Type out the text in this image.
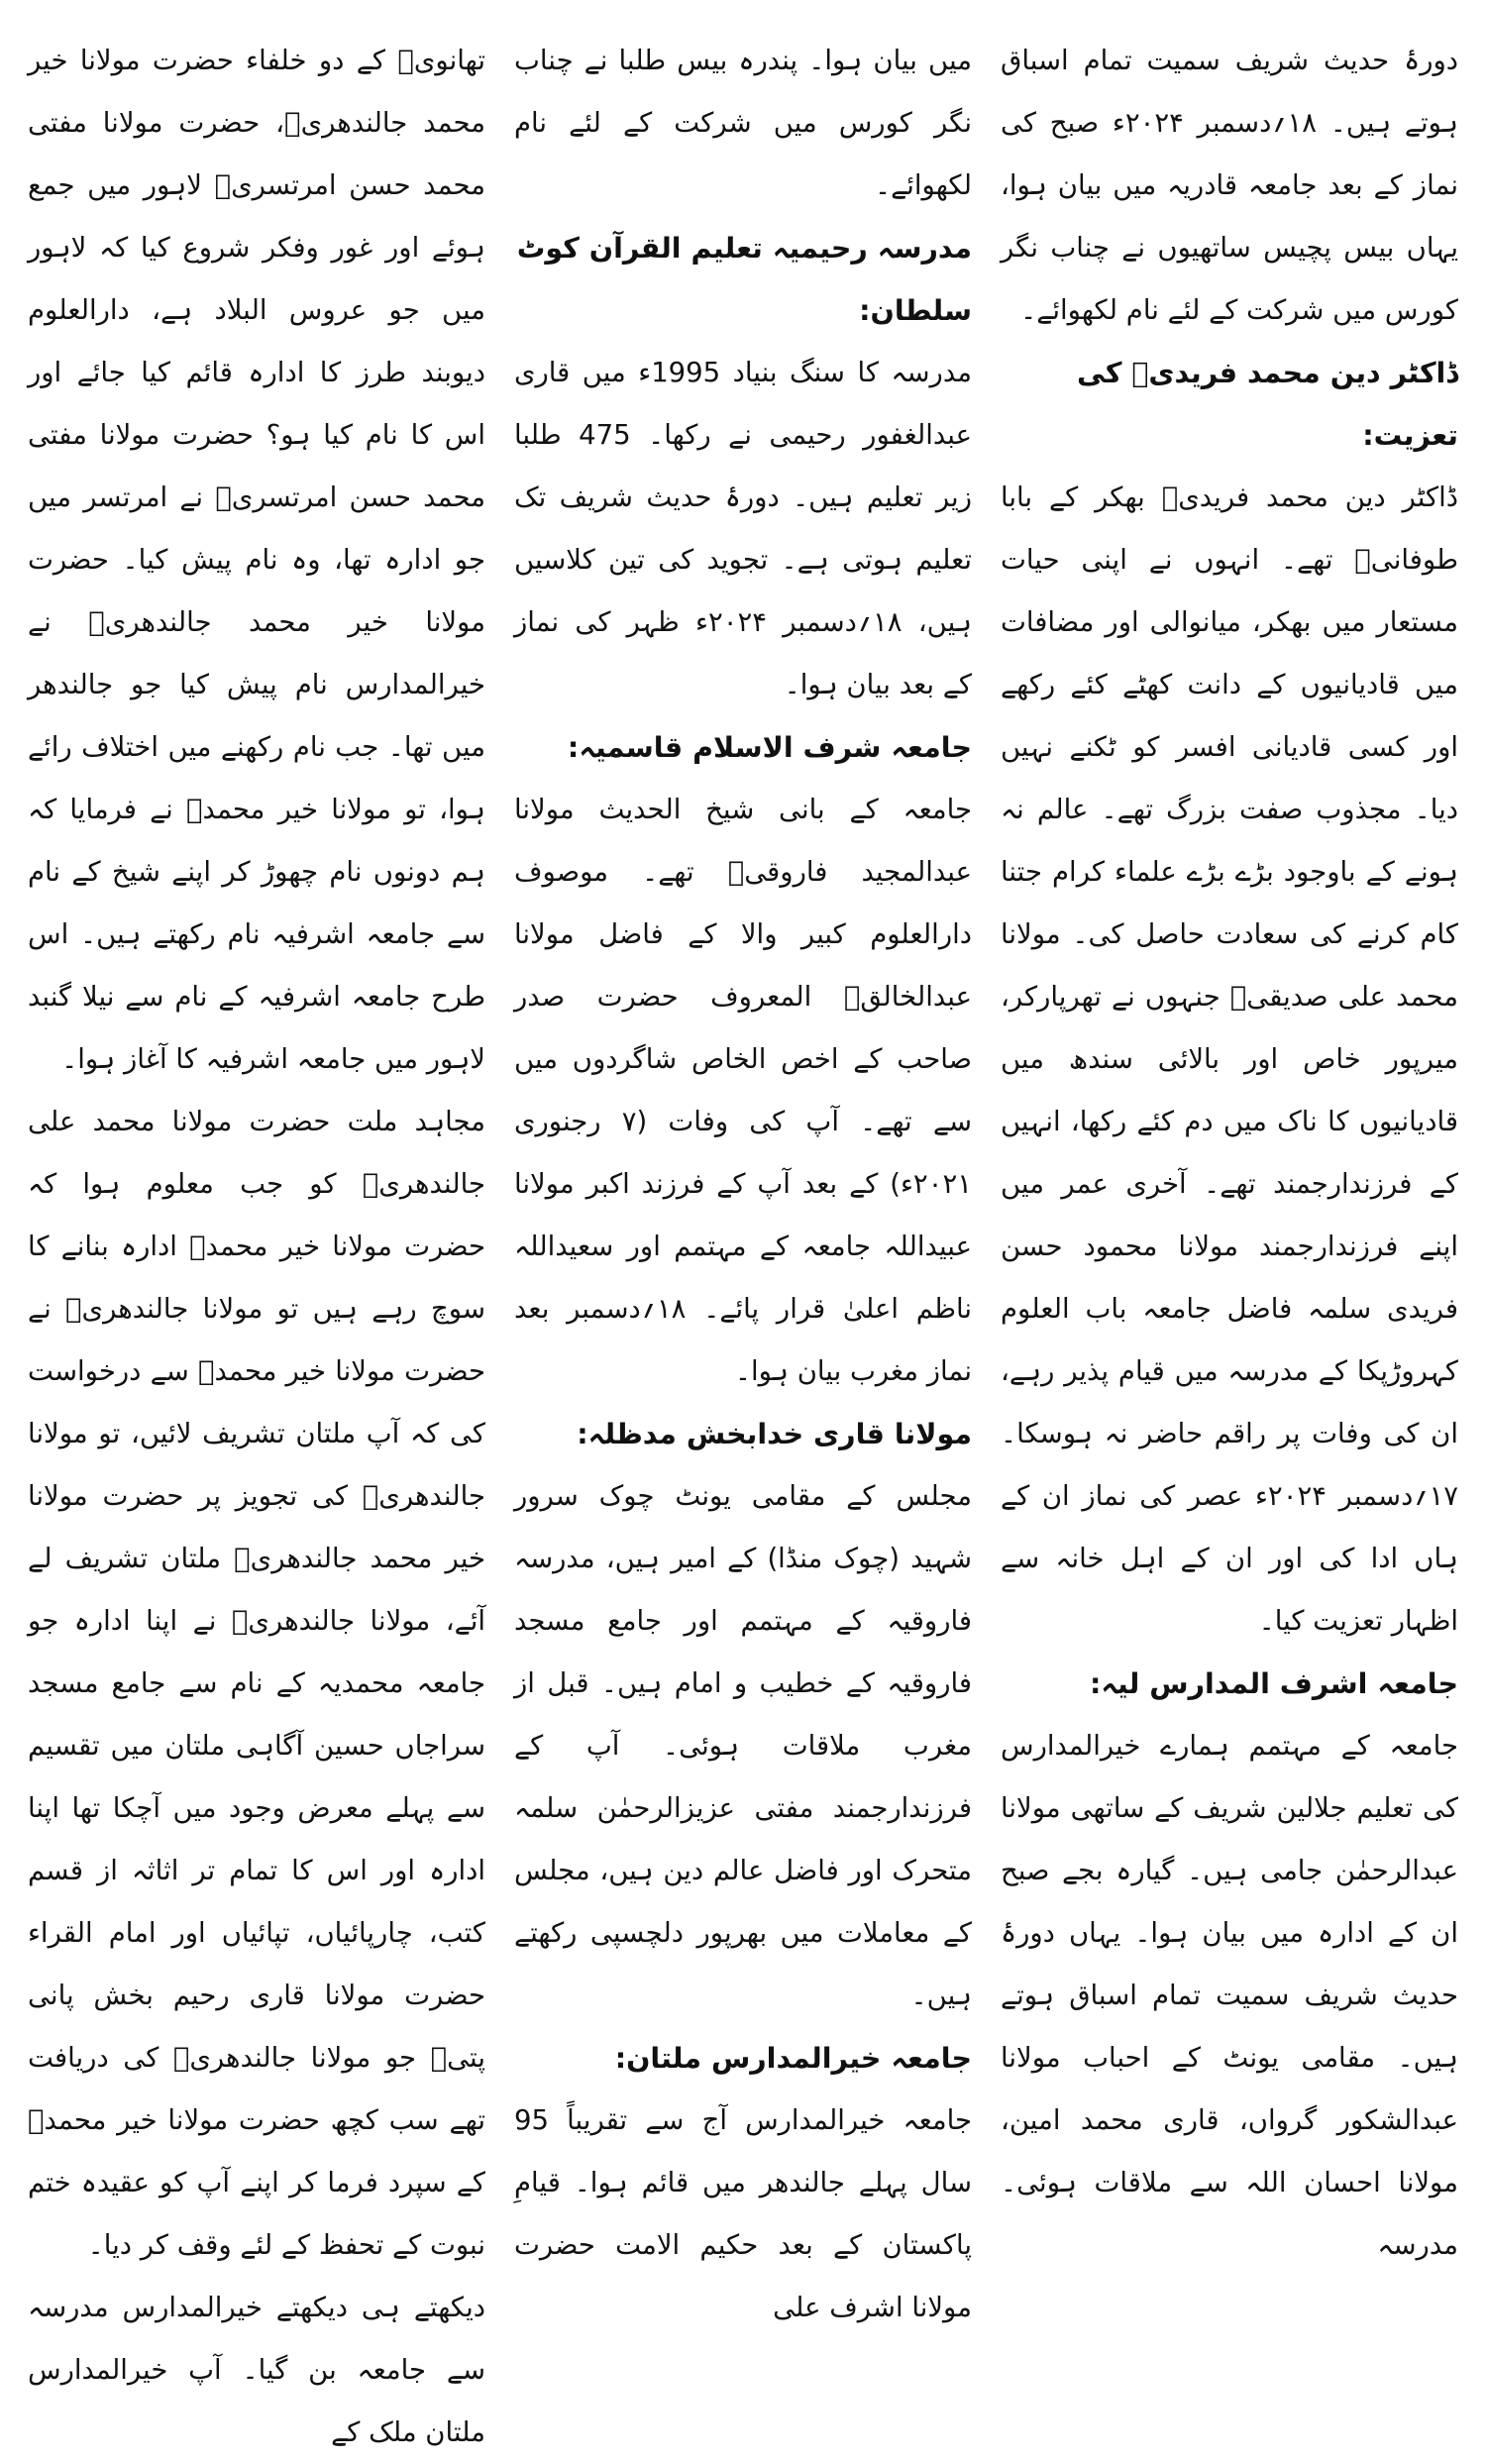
دورۂ حدیث شریف سمیت تمام اسباق ہوتے ہیں۔ ۱۸؍دسمبر ۲۰۲۴ء صبح کی نماز کے بعد جامعہ قادریہ میں بیان ہوا، یہاں بیس پچیس ساتھیوں نے چناب نگر کورس میں شرکت کے لئے نام لکھوائے۔

ڈاکٹر دین محمد فریدیؒ کی تعزیت:

ڈاکٹر دین محمد فریدیؒ بھکر کے بابا طوفانیؒ تھے۔ انہوں نے اپنی حیات مستعار میں بھکر، میانوالی اور مضافات میں قادیانیوں کے دانت کھٹے کئے رکھے اور کسی قادیانی افسر کو ٹکنے نہیں دیا۔ مجذوب صفت بزرگ تھے۔ عالم نہ ہونے کے باوجود بڑے بڑے علماء کرام جتنا کام کرنے کی سعادت حاصل کی۔ مولانا محمد علی صدیقیؒ جنہوں نے تھرپارکر، میرپور خاص اور بالائی سندھ میں قادیانیوں کا ناک میں دم کئے رکھا، انہیں کے فرزندارجمند تھے۔ آخری عمر میں اپنے فرزندارجمند مولانا محمود حسن فریدی سلمہ فاضل جامعہ باب العلوم کہروڑپکا کے مدرسہ میں قیام پذیر رہے، ان کی وفات پر راقم حاضر نہ ہوسکا۔ ۱۷؍دسمبر ۲۰۲۴ء عصر کی نماز ان کے ہاں ادا کی اور ان کے اہل خانہ سے اظہار تعزیت کیا۔

جامعہ اشرف المدارس لیہ:

جامعہ کے مہتمم ہمارے خیرالمدارس کی تعلیم جلالین شریف کے ساتھی مولانا عبدالرحمٰن جامی ہیں۔ گیارہ بجے صبح ان کے ادارہ میں بیان ہوا۔ یہاں دورۂ حدیث شریف سمیت تمام اسباق ہوتے ہیں۔ مقامی یونٹ کے احباب مولانا عبدالشکور گرواں، قاری محمد امین، مولانا احسان اللہ سے ملاقات ہوئی۔ مدرسہ

میں بیان ہوا۔ پندرہ بیس طلبا نے چناب نگر کورس میں شرکت کے لئے نام لکھوائے۔

مدرسہ رحیمیہ تعلیم القرآن کوٹ سلطان:

مدرسہ کا سنگ بنیاد 1995ء میں قاری عبدالغفور رحیمی نے رکھا۔ 475 طلبا زیر تعلیم ہیں۔ دورۂ حدیث شریف تک تعلیم ہوتی ہے۔ تجوید کی تین کلاسیں ہیں، ۱۸؍دسمبر ۲۰۲۴ء ظہر کی نماز کے بعد بیان ہوا۔

جامعہ شرف الاسلام قاسمیہ:

جامعہ کے بانی شیخ الحدیث مولانا عبدالمجید فاروقیؒ تھے۔ موصوف دارالعلوم کبیر والا کے فاضل مولانا عبدالخالقؒ المعروف حضرت صدر صاحب کے اخص الخاص شاگردوں میں سے تھے۔ آپ کی وفات (۷ رجنوری ۲۰۲۱ء) کے بعد آپ کے فرزند اکبر مولانا عبیداللہ جامعہ کے مہتمم اور سعیداللہ ناظم اعلیٰ قرار پائے۔ ۱۸؍دسمبر بعد نماز مغرب بیان ہوا۔

مولانا قاری خدابخش مدظلہ:

مجلس کے مقامی یونٹ چوک سرور شہید (چوک منڈا) کے امیر ہیں، مدرسہ فاروقیہ کے مہتمم اور جامع مسجد فاروقیہ کے خطیب و امام ہیں۔ قبل از مغرب ملاقات ہوئی۔ آپ کے فرزندارجمند مفتی عزیزالرحمٰن سلمہ متحرک اور فاضل عالم دین ہیں، مجلس کے معاملات میں بھرپور دلچسپی رکھتے ہیں۔

جامعہ خیرالمدارس ملتان:

جامعہ خیرالمدارس آج سے تقریباً 95 سال پہلے جالندھر میں قائم ہوا۔ قیامِ پاکستان کے بعد حکیم الامت حضرت مولانا اشرف علی

تھانویؒ کے دو خلفاء حضرت مولانا خیر محمد جالندھریؒ، حضرت مولانا مفتی محمد حسن امرتسریؒ لاہور میں جمع ہوئے اور غور وفکر شروع کیا کہ لاہور میں جو عروس البلاد ہے، دارالعلوم دیوبند طرز کا ادارہ قائم کیا جائے اور اس کا نام کیا ہو؟ حضرت مولانا مفتی محمد حسن امرتسریؒ نے امرتسر میں جو ادارہ تھا، وہ نام پیش کیا۔ حضرت مولانا خیر محمد جالندھریؒ نے خیرالمدارس نام پیش کیا جو جالندھر میں تھا۔ جب نام رکھنے میں اختلاف رائے ہوا، تو مولانا خیر محمدؒ نے فرمایا کہ ہم دونوں نام چھوڑ کر اپنے شیخ کے نام سے جامعہ اشرفیہ نام رکھتے ہیں۔ اس طرح جامعہ اشرفیہ کے نام سے نیلا گنبد لاہور میں جامعہ اشرفیہ کا آغاز ہوا۔

مجاہد ملت حضرت مولانا محمد علی جالندھریؒ کو جب معلوم ہوا کہ حضرت مولانا خیر محمدؒ ادارہ بنانے کا سوچ رہے ہیں تو مولانا جالندھریؒ نے حضرت مولانا خیر محمدؒ سے درخواست کی کہ آپ ملتان تشریف لائیں، تو مولانا جالندھریؒ کی تجویز پر حضرت مولانا خیر محمد جالندھریؒ ملتان تشریف لے آئے، مولانا جالندھریؒ نے اپنا ادارہ جو جامعہ محمدیہ کے نام سے جامع مسجد سراجاں حسین آگاہی ملتان میں تقسیم سے پہلے معرض وجود میں آچکا تھا اپنا ادارہ اور اس کا تمام تر اثاثہ از قسم کتب، چارپائیاں، تپائیاں اور امام القراء حضرت مولانا قاری رحیم بخش پانی پتیؒ جو مولانا جالندھریؒ کی دریافت تھے سب کچھ حضرت مولانا خیر محمدؒ کے سپرد فرما کر اپنے آپ کو عقیدہ ختم نبوت کے تحفظ کے لئے وقف کر دیا۔

دیکھتے ہی دیکھتے خیرالمدارس مدرسہ سے جامعہ بن گیا۔ آپ خیرالمدارس ملتان ملک کے
